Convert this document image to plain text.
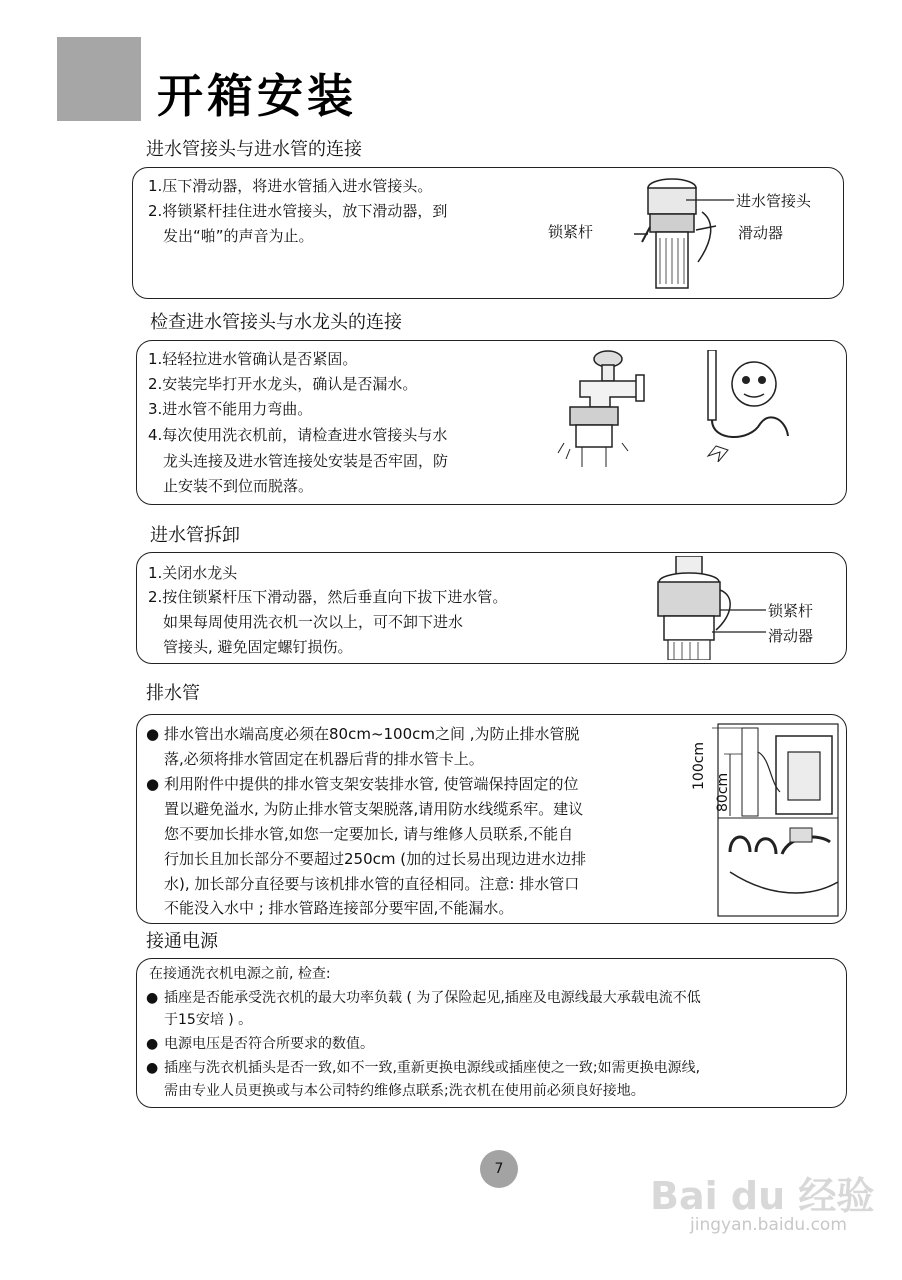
开箱安装
进水管接头与进水管的连接
1.压下滑动器，将进水管插入进水管接头。
2.将锁紧杆挂住进水管接头，放下滑动器，到
发出“啪”的声音为止。
进水管接头
锁紧杆	滑动器
检查进水管接头与水龙头的连接
1.轻轻拉进水管确认是否紧固。
2.安装完毕打开水龙头，确认是否漏水。
3.进水管不能用力弯曲。
4.每次使用洗衣机前，请检查进水管接头与水
龙头连接及进水管连接处安装是否牢固，防
止安装不到位而脱落。
进水管拆卸
1.关闭水龙头
2.按住锁紧杆压下滑动器，然后垂直向下拔下进水管。
如果每周使用洗衣机一次以上，可不卸下进水
管接头, 避免固定螺钉损伤。
锁紧杆
滑动器
排水管
● 排水管出水端高度必须在80cm~100cm之间 ,为防止排水管脱
落,必须将排水管固定在机器后背的排水管卡上。
● 利用附件中提供的排水管支架安装排水管, 使管端保持固定的位
置以避免溢水, 为防止排水管支架脱落,请用防水线缆系牢。建议
您不要加长排水管,如您一定要加长, 请与维修人员联系,不能自
行加长且加长部分不要超过250cm (加的过长易出现边进水边排
水), 加长部分直径要与该机排水管的直径相同。注意: 排水管口
不能没入水中 ; 排水管路连接部分要牢固,不能漏水。
100cm
80cm
接通电源
在接通洗衣机电源之前, 检查:
● 插座是否能承受洗衣机的最大功率负载 ( 为了保险起见,插座及电源线最大承载电流不低
于15安培 ) 。
● 电源电压是否符合所要求的数值。
● 插座与洗衣机插头是否一致,如不一致,重新更换电源线或插座使之一致;如需更换电源线,
需由专业人员更换或与本公司特约维修点联系;洗衣机在使用前必须良好接地。
7
Bai du 经验
jingyan.baidu.com
